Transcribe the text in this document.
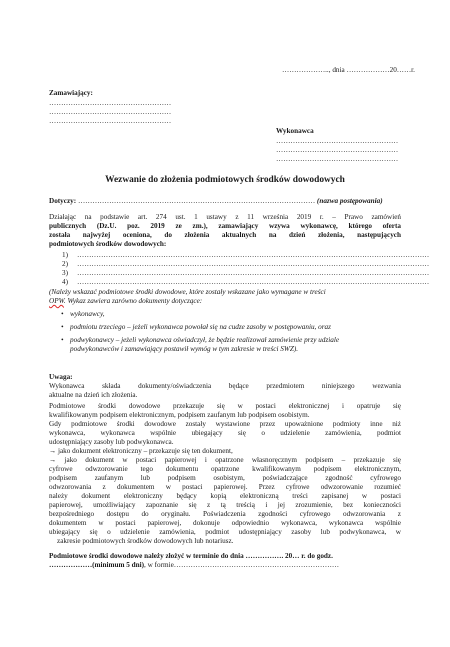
……………….., dnia ………………20……r.
Zamawiający:
……………………………………………
……………………………………………
……………………………………………
Wykonawca
……………………………………………
……………………………………………
……………………………………………
Wezwanie do złożenia podmiotowych środków dowodowych
Dotyczy: ……………………………………………………………………………………… (nazwa postępowania)
Działając na podstawie art. 274 ust. 1 ustawy z 11 września 2019 r. – Prawo zamówień
publicznych (Dz.U. poz. 2019 ze zm.), zamawiający wzywa wykonawcę, którego oferta
została najwyżej oceniona, do złożenia aktualnych na dzień złożenia, następujących
podmiotowych środków dowodowych:
1) …………………………………………………………………………………………………………………………………
2) …………………………………………………………………………………………………………………………………
3) …………………………………………………………………………………………………………………………………
4) …………………………………………………………………………………………………………………………………
(Należy wskazać podmiotowe środki dowodowe, które zostały wskazane jako wymagane w treści
OPW. Wykaz zawiera zarówno dokumenty dotyczące:
• wykonawcy,
• podmiotu trzeciego – jeżeli wykonawca powołał się na cudze zasoby w postępowaniu, oraz
• podwykonawcy – jeżeli wykonawca oświadczył, że będzie realizował zamówienie przy udziale
podwykonawców i zamawiający postawił wymóg w tym zakresie w treści SWZ).
Uwaga:
Wykonawca składa dokumenty/oświadczenia będące przedmiotem niniejszego wezwania
aktualne na dzień ich złożenia.
Podmiotowe środki dowodowe przekazuje się w postaci elektronicznej i opatruje się
kwalifikowanym podpisem elektronicznym, podpisem zaufanym lub podpisem osobistym.
Gdy podmiotowe środki dowodowe zostały wystawione przez upoważnione podmioty inne niż
wykonawca, wykonawca wspólnie ubiegający się o udzielenie zamówienia, podmiot
udostępniający zasoby lub podwykonawca.
→ jako dokument elektroniczny – przekazuje się ten dokument,
→ jako dokument w postaci papierowej i opatrzone własnoręcznym podpisem – przekazuje się
cyfrowe odwzorowanie tego dokumentu opatrzone kwalifikowanym podpisem elektronicznym,
podpisem zaufanym lub podpisem osobistym, poświadczające zgodność cyfrowego
odwzorowania z dokumentem w postaci papierowej. Przez cyfrowe odwzorowanie rozumieć
należy dokument elektroniczny będący kopią elektroniczną treści zapisanej w postaci
papierowej, umożliwiający zapoznanie się z tą treścią i jej zrozumienie, bez konieczności
bezpośredniego dostępu do oryginału. Poświadczenia zgodności cyfrowego odwzorowania z
dokumentem w postaci papierowej, dokonuje odpowiednio wykonawca, wykonawca wspólnie
ubiegający się o udzielenie zamówienia, podmiot udostępniający zasoby lub podwykonawca, w
zakresie podmiotowych środków dowodowych lub notariusz.
Podmiotowe środki dowodowe należy złożyć w terminie do dnia ……………. 20… r. do godz.
………………(minimum 5 dni), w formie……………………………………………………………
